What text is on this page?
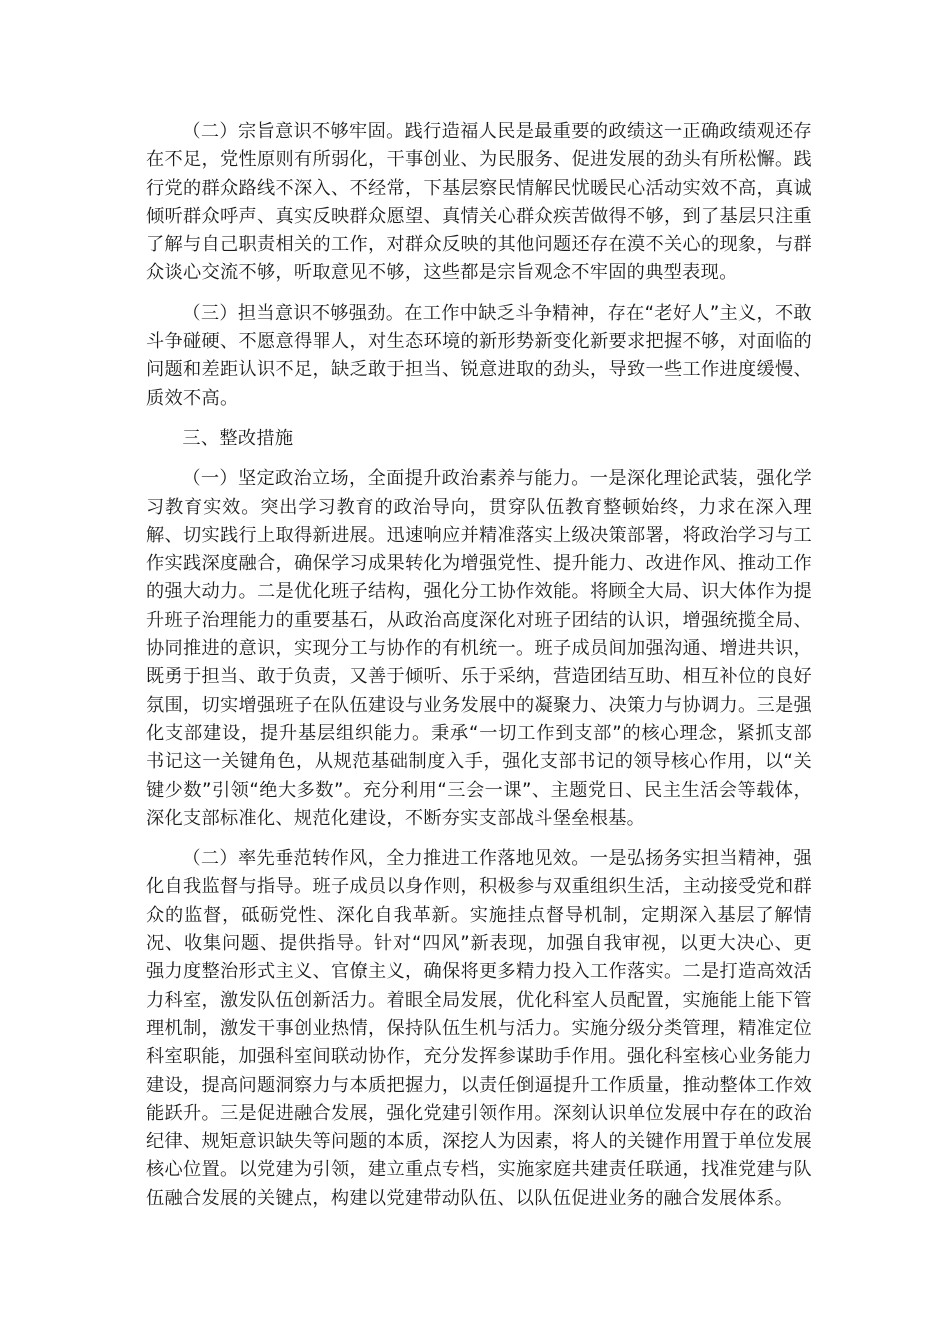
（二）宗旨意识不够牢固。践行造福人民是最重要的政绩这一正确政绩观还存在不足，党性原则有所弱化，干事创业、为民服务、促进发展的劲头有所松懈。践行党的群众路线不深入、不经常，下基层察民情解民忧暖民心活动实效不高，真诚倾听群众呼声、真实反映群众愿望、真情关心群众疾苦做得不够，到了基层只注重了解与自己职责相关的工作，对群众反映的其他问题还存在漠不关心的现象，与群众谈心交流不够，听取意见不够，这些都是宗旨观念不牢固的典型表现。

（三）担当意识不够强劲。在工作中缺乏斗争精神，存在“老好人”主义，不敢斗争碰硬、不愿意得罪人，对生态环境的新形势新变化新要求把握不够，对面临的问题和差距认识不足，缺乏敢于担当、锐意进取的劲头，导致一些工作进度缓慢、质效不高。

三、整改措施

（一）坚定政治立场，全面提升政治素养与能力。一是深化理论武装，强化学习教育实效。突出学习教育的政治导向，贯穿队伍教育整顿始终，力求在深入理解、切实践行上取得新进展。迅速响应并精准落实上级决策部署，将政治学习与工作实践深度融合，确保学习成果转化为增强党性、提升能力、改进作风、推动工作的强大动力。二是优化班子结构，强化分工协作效能。将顾全大局、识大体作为提升班子治理能力的重要基石，从政治高度深化对班子团结的认识，增强统揽全局、协同推进的意识，实现分工与协作的有机统一。班子成员间加强沟通、增进共识，既勇于担当、敢于负责，又善于倾听、乐于采纳，营造团结互助、相互补位的良好氛围，切实增强班子在队伍建设与业务发展中的凝聚力、决策力与协调力。三是强化支部建设，提升基层组织能力。秉承“一切工作到支部”的核心理念，紧抓支部书记这一关键角色，从规范基础制度入手，强化支部书记的领导核心作用，以“关键少数”引领“绝大多数”。充分利用“三会一课”、主题党日、民主生活会等载体，深化支部标准化、规范化建设，不断夯实支部战斗堡垒根基。

（二）率先垂范转作风，全力推进工作落地见效。一是弘扬务实担当精神，强化自我监督与指导。班子成员以身作则，积极参与双重组织生活，主动接受党和群众的监督，砥砺党性、深化自我革新。实施挂点督导机制，定期深入基层了解情况、收集问题、提供指导。针对“四风”新表现，加强自我审视，以更大决心、更强力度整治形式主义、官僚主义，确保将更多精力投入工作落实。二是打造高效活力科室，激发队伍创新活力。着眼全局发展，优化科室人员配置，实施能上能下管理机制，激发干事创业热情，保持队伍生机与活力。实施分级分类管理，精准定位科室职能，加强科室间联动协作，充分发挥参谋助手作用。强化科室核心业务能力建设，提高问题洞察力与本质把握力，以责任倒逼提升工作质量，推动整体工作效能跃升。三是促进融合发展，强化党建引领作用。深刻认识单位发展中存在的政治纪律、规矩意识缺失等问题的本质，深挖人为因素，将人的关键作用置于单位发展核心位置。以党建为引领，建立重点专档，实施家庭共建责任联通，找准党建与队伍融合发展的关键点，构建以党建带动队伍、以队伍促进业务的融合发展体系。
